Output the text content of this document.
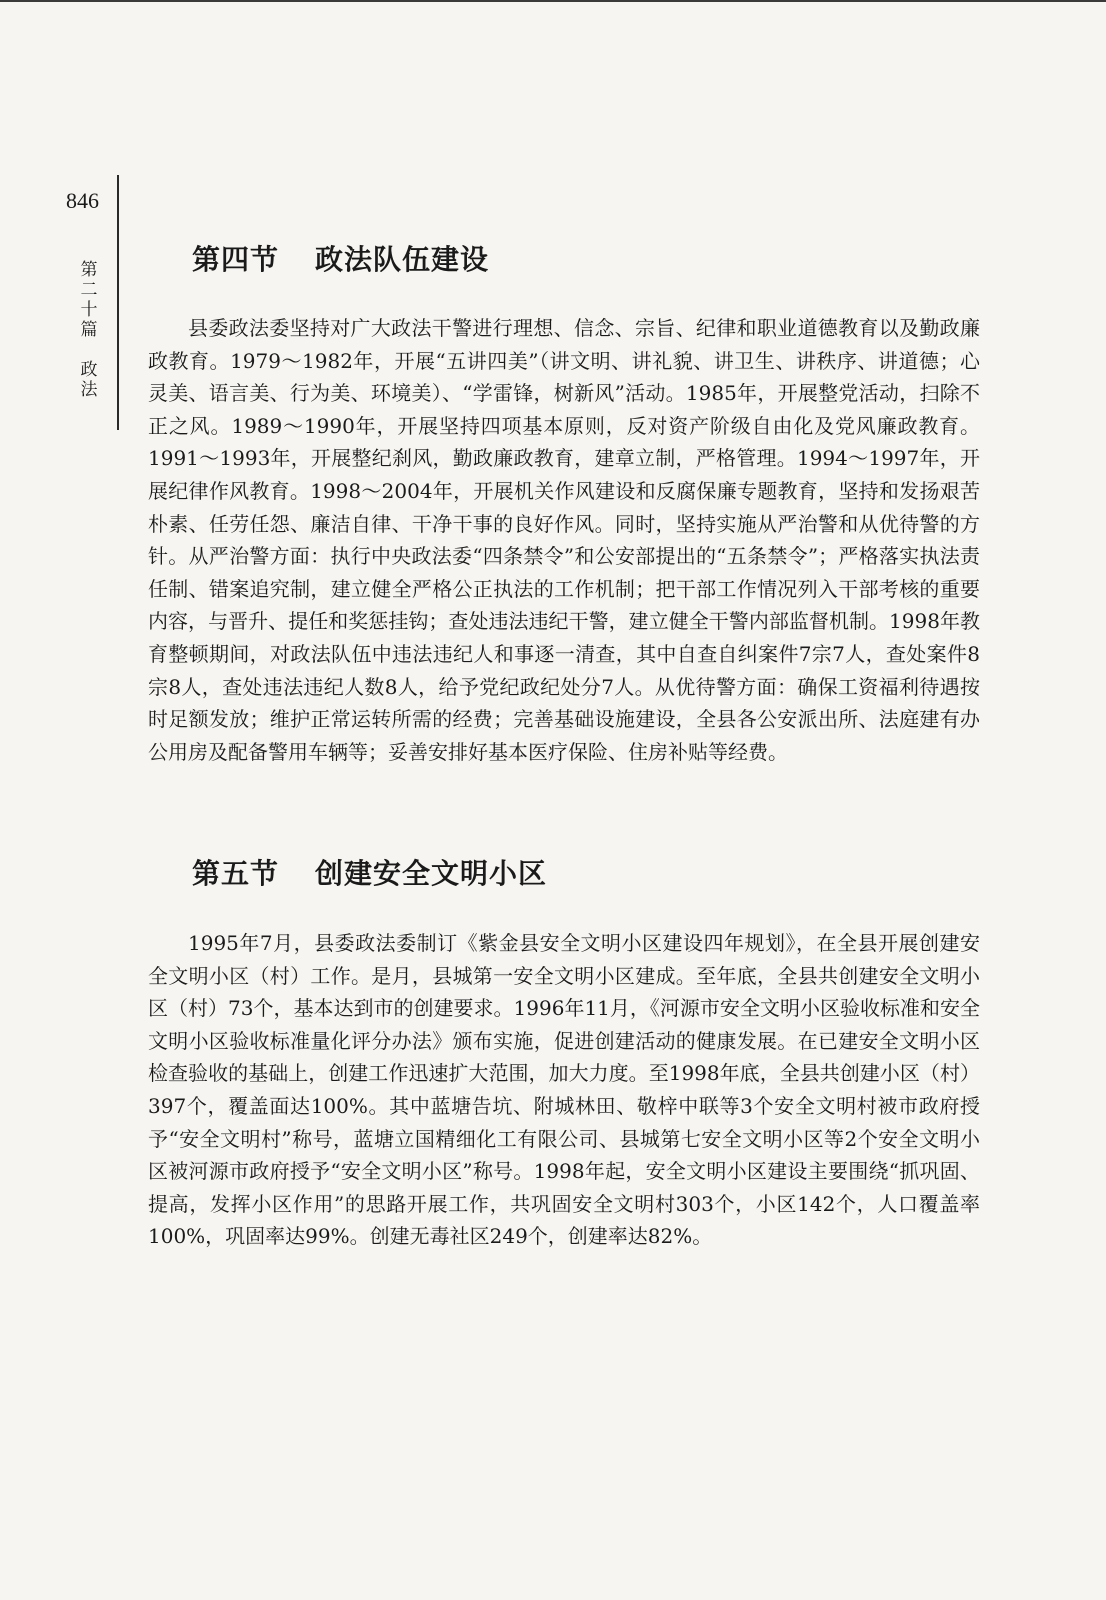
846
第二十篇
政法
第四节 政法队伍建设

县委政法委坚持对广大政法干警进行理想、信念、宗旨、纪律和职业道德教育以及勤政廉政教育。1979～1982年，开展“五讲四美”（讲文明、讲礼貌、讲卫生、讲秩序、讲道德；心灵美、语言美、行为美、环境美）、“学雷锋，树新风”活动。1985年，开展整党活动，扫除不正之风。1989～1990年，开展坚持四项基本原则，反对资产阶级自由化及党风廉政教育。1991～1993年，开展整纪刹风，勤政廉政教育，建章立制，严格管理。1994～1997年，开展纪律作风教育。1998～2004年，开展机关作风建设和反腐保廉专题教育，坚持和发扬艰苦朴素、任劳任怨、廉洁自律、干净干事的良好作风。同时，坚持实施从严治警和从优待警的方针。从严治警方面：执行中央政法委“四条禁令”和公安部提出的“五条禁令”；严格落实执法责任制、错案追究制，建立健全严格公正执法的工作机制；把干部工作情况列入干部考核的重要内容，与晋升、提任和奖惩挂钩；查处违法违纪干警，建立健全干警内部监督机制。1998年教育整顿期间，对政法队伍中违法违纪人和事逐一清查，其中自查自纠案件7宗7人，查处案件8宗8人，查处违法违纪人数8人，给予党纪政纪处分7人。从优待警方面：确保工资福利待遇按时足额发放；维护正常运转所需的经费；完善基础设施建设，全县各公安派出所、法庭建有办公用房及配备警用车辆等；妥善安排好基本医疗保险、住房补贴等经费。

第五节 创建安全文明小区

1995年7月，县委政法委制订《紫金县安全文明小区建设四年规划》，在全县开展创建安全文明小区（村）工作。是月，县城第一安全文明小区建成。至年底，全县共创建安全文明小区（村）73个，基本达到市的创建要求。1996年11月，《河源市安全文明小区验收标准和安全文明小区验收标准量化评分办法》颁布实施，促进创建活动的健康发展。在已建安全文明小区检查验收的基础上，创建工作迅速扩大范围，加大力度。至1998年底，全县共创建小区（村）397个，覆盖面达100%。其中蓝塘告坑、附城林田、敬梓中联等3个安全文明村被市政府授予“安全文明村”称号，蓝塘立国精细化工有限公司、县城第七安全文明小区等2个安全文明小区被河源市政府授予“安全文明小区”称号。1998年起，安全文明小区建设主要围绕“抓巩固、提高，发挥小区作用”的思路开展工作，共巩固安全文明村303个，小区142个，人口覆盖率100%，巩固率达99%。创建无毒社区249个，创建率达82%。
